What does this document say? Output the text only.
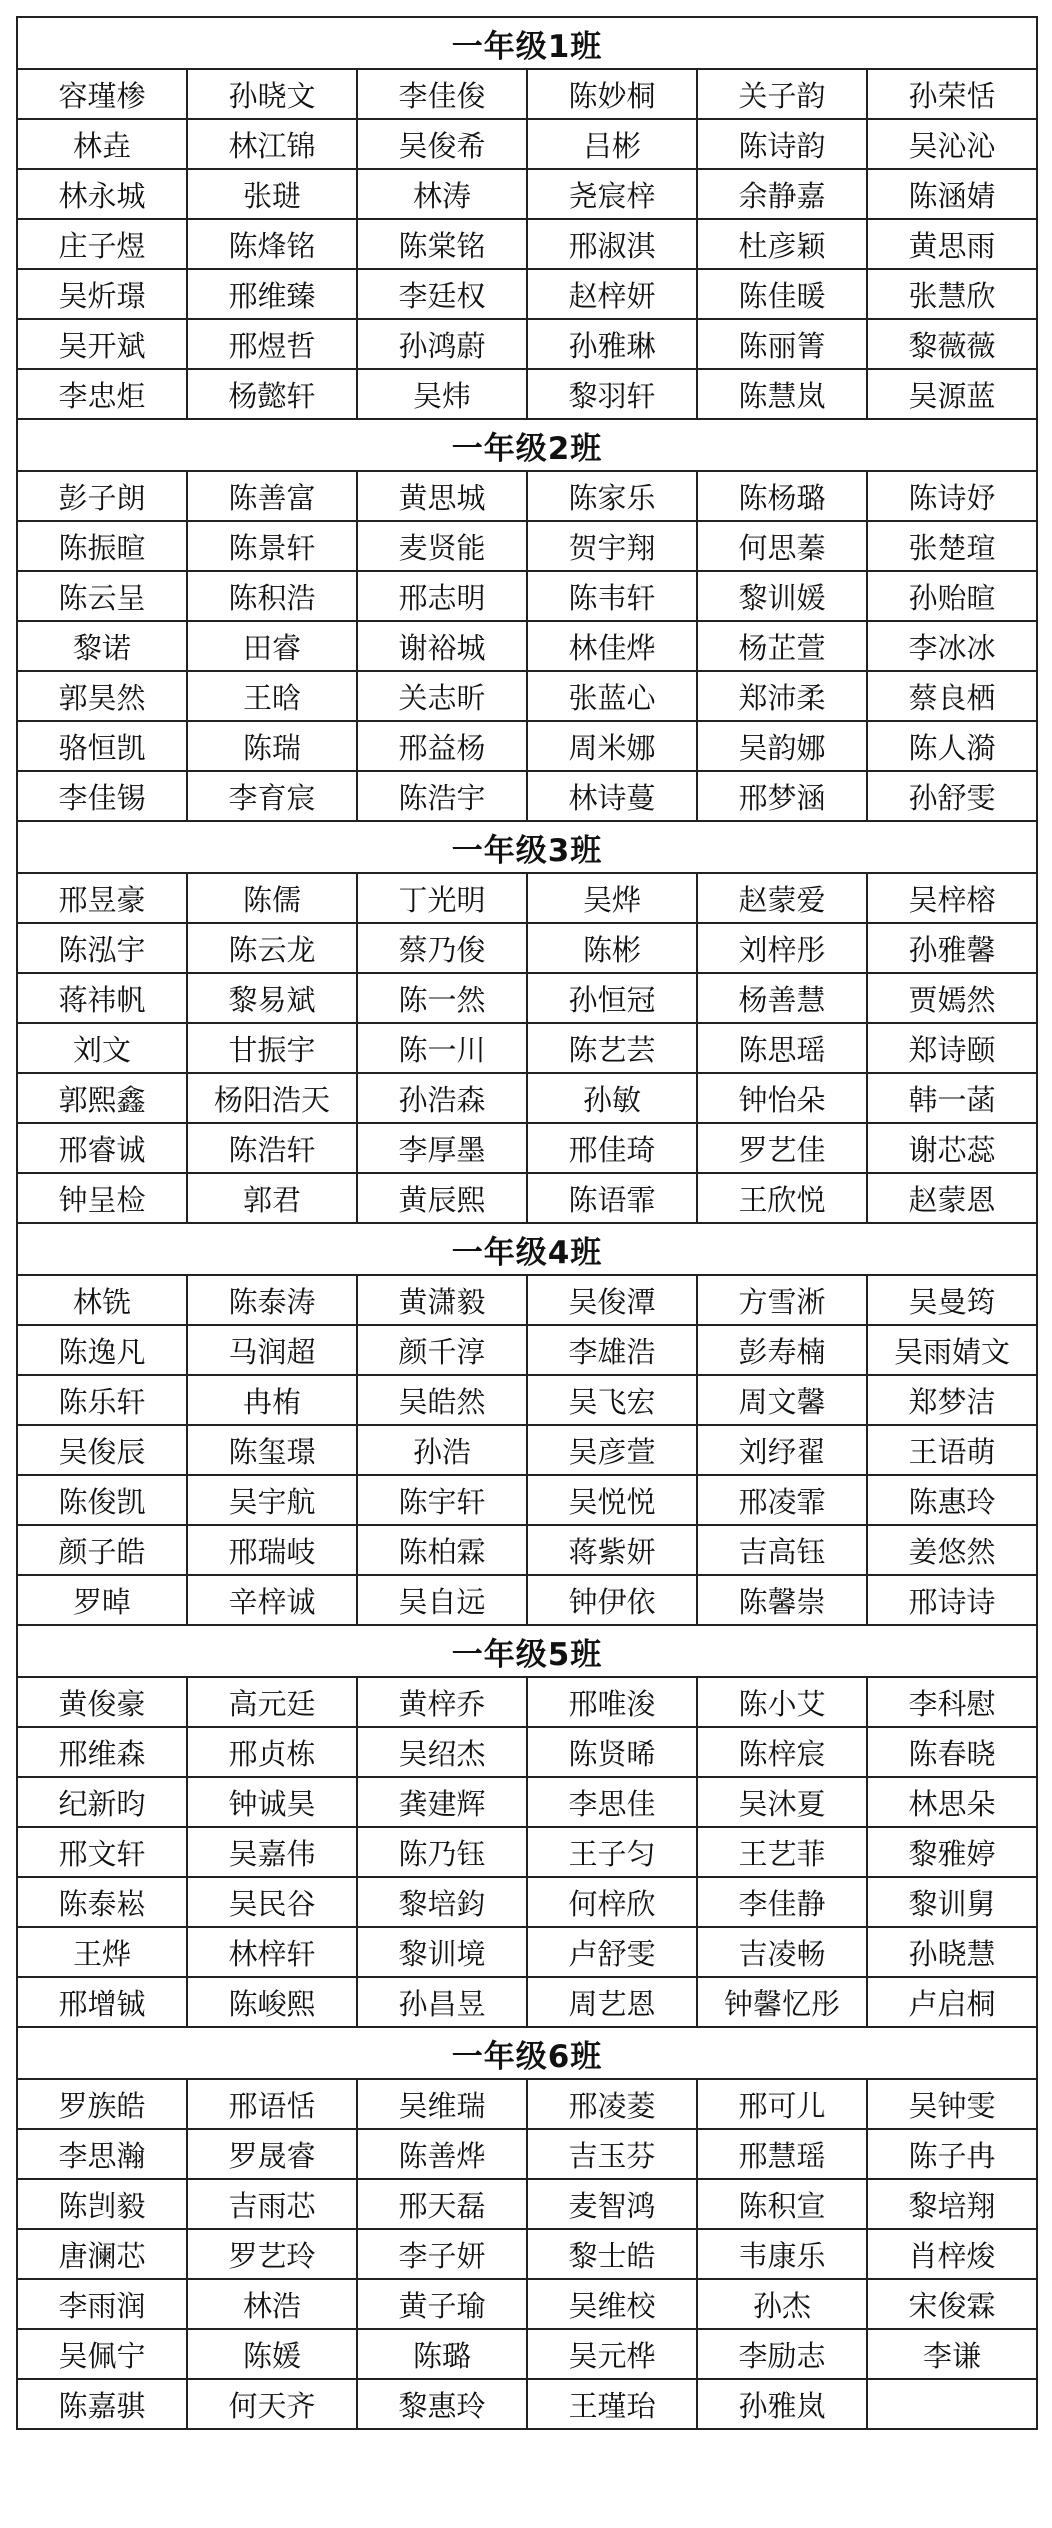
一年级1班					
容瑾椮	孙晓文	李佳俊	陈妙桐	关子韵	孙荣恬
林垚	林江锦	吴俊希	吕彬	陈诗韵	吴沁沁
林永城	张琎	林涛	尧宸梓	余静嘉	陈涵婧
庄子煜	陈烽铭	陈棠铭	邢淑淇	杜彦颖	黄思雨
吴炘璟	邢维臻	李廷权	赵梓妍	陈佳暖	张慧欣
吴开斌	邢煜哲	孙鸿蔚	孙雅琳	陈丽箐	黎薇薇
李忠炬	杨懿轩	吴炜	黎羽轩	陈慧岚	吴源蓝
一年级2班					
彭子朗	陈善富	黄思城	陈家乐	陈杨璐	陈诗妤
陈振暄	陈景轩	麦贤能	贺宇翔	何思蓁	张楚瑄
陈云呈	陈积浩	邢志明	陈韦轩	黎训媛	孙贻暄
黎诺	田睿	谢裕城	林佳烨	杨芷萱	李冰冰
郭昊然	王晗	关志昕	张蓝心	郑沛柔	蔡良栖
骆恒凯	陈瑞	邢益杨	周米娜	吴韵娜	陈人漪
李佳锡	李育宸	陈浩宇	林诗蔓	邢梦涵	孙舒雯
一年级3班					
邢昱豪	陈儒	丁光明	吴烨	赵蒙爱	吴梓榕
陈泓宇	陈云龙	蔡乃俊	陈彬	刘梓彤	孙雅馨
蒋祎帆	黎易斌	陈一然	孙恒冠	杨善慧	贾嫣然
刘文	甘振宇	陈一川	陈艺芸	陈思瑶	郑诗颐
郭熙鑫	杨阳浩天	孙浩森	孙敏	钟怡朵	韩一菡
邢睿诚	陈浩轩	李厚墨	邢佳琦	罗艺佳	谢芯蕊
钟呈检	郭君	黄辰熙	陈语霏	王欣悦	赵蒙恩
一年级4班					
林铣	陈泰涛	黄潇毅	吴俊潭	方雪淅	吴曼筠
陈逸凡	马润超	颜千淳	李雄浩	彭寿楠	吴雨婧文
陈乐轩	冉栯	吴皓然	吴飞宏	周文馨	郑梦洁
吴俊辰	陈玺璟	孙浩	吴彦萱	刘纾翟	王语萌
陈俊凯	吴宇航	陈宇轩	吴悦悦	邢凌霏	陈惠玲
颜子皓	邢瑞岐	陈柏霖	蒋紫妍	吉高钰	姜悠然
罗晫	辛梓诚	吴自远	钟伊依	陈馨崇	邢诗诗
一年级5班					
黄俊豪	高元廷	黄梓乔	邢唯浚	陈小艾	李科慰
邢维森	邢贞栋	吴绍杰	陈贤晞	陈梓宸	陈春晓
纪新昀	钟诚昊	龚建辉	李思佳	吴沐夏	林思朵
邢文轩	吴嘉伟	陈乃钰	王子匀	王艺菲	黎雅婷
陈泰崧	吴民谷	黎培鈞	何梓欣	李佳静	黎训舅
王烨	林梓轩	黎训境	卢舒雯	吉凌畅	孙晓慧
邢增铖	陈峻熙	孙昌昱	周艺恩	钟馨忆彤	卢启桐
一年级6班					
罗族皓	邢语恬	吴维瑞	邢凌菱	邢可儿	吴钟雯
李思瀚	罗晟睿	陈善烨	吉玉芬	邢慧瑶	陈子冉
陈剀毅	吉雨芯	邢天磊	麦智鸿	陈积宣	黎培翔
唐澜芯	罗艺玲	李子妍	黎士皓	韦康乐	肖梓焌
李雨润	林浩	黄子瑜	吴维校	孙杰	宋俊霖
吴佩宁	陈媛	陈璐	吴元桦	李励志	李谦
陈嘉骐	何天齐	黎惠玲	王瑾珆	孙雅岚	
